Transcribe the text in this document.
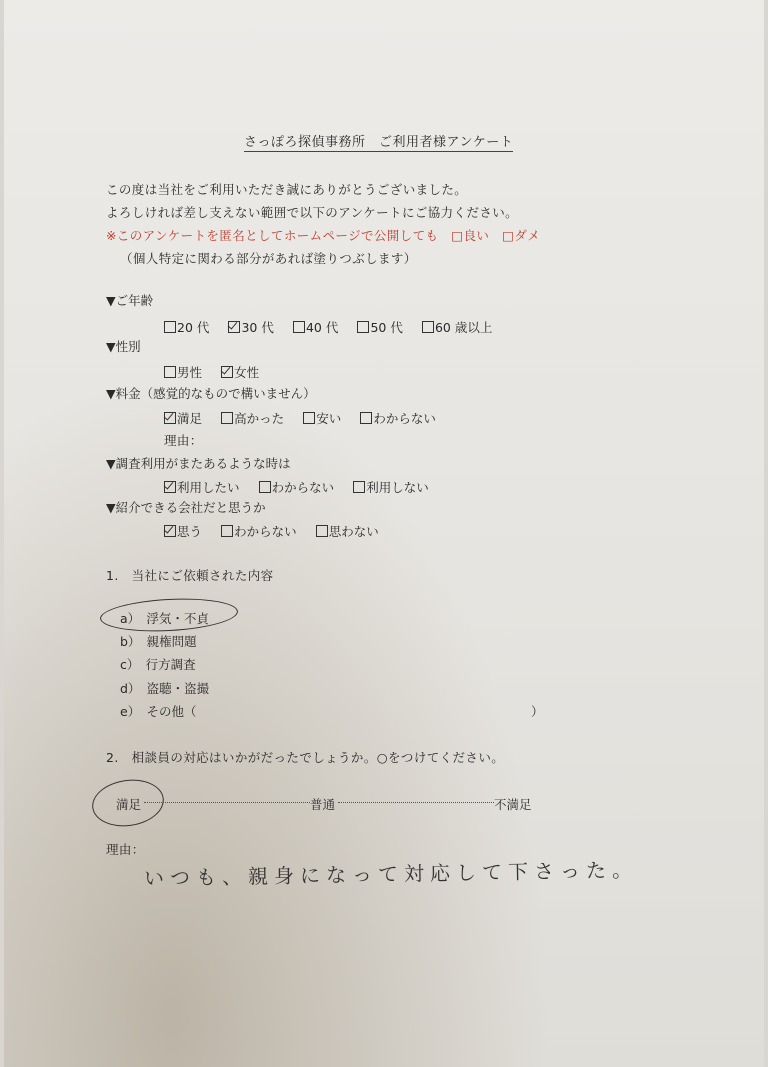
さっぽろ探偵事務所　ご利用者様アンケート
この度は当社をご利用いただき誠にありがとうございました。
よろしければ差し支えない範囲で以下のアンケートにご協力ください。
※このアンケートを匿名としてホームページで公開しても　□良い　□ダメ
（個人特定に関わる部分があれば塗りつぶします）
▼ご年齢
20 代	30 代	40 代	50 代	60 歳以上
▼性別
男性	女性
▼料金（感覚的なもので構いません）
満足	高かった	安い	わからない
理由：
▼調査利用がまたあるような時は
利用したい	わからない	利用しない
▼紹介できる会社だと思うか
思う	わからない	思わない
1.　当社にご依頼された内容
a）　浮気・不貞
b）　親権問題
c）　行方調査
d）　盗聴・盗撮
e）　その他（	）
2.　相談員の対応はいかがだったでしょうか。○をつけてください。
満足	普通	不満足
理由：
いつも、親身になって対応して下さった。
